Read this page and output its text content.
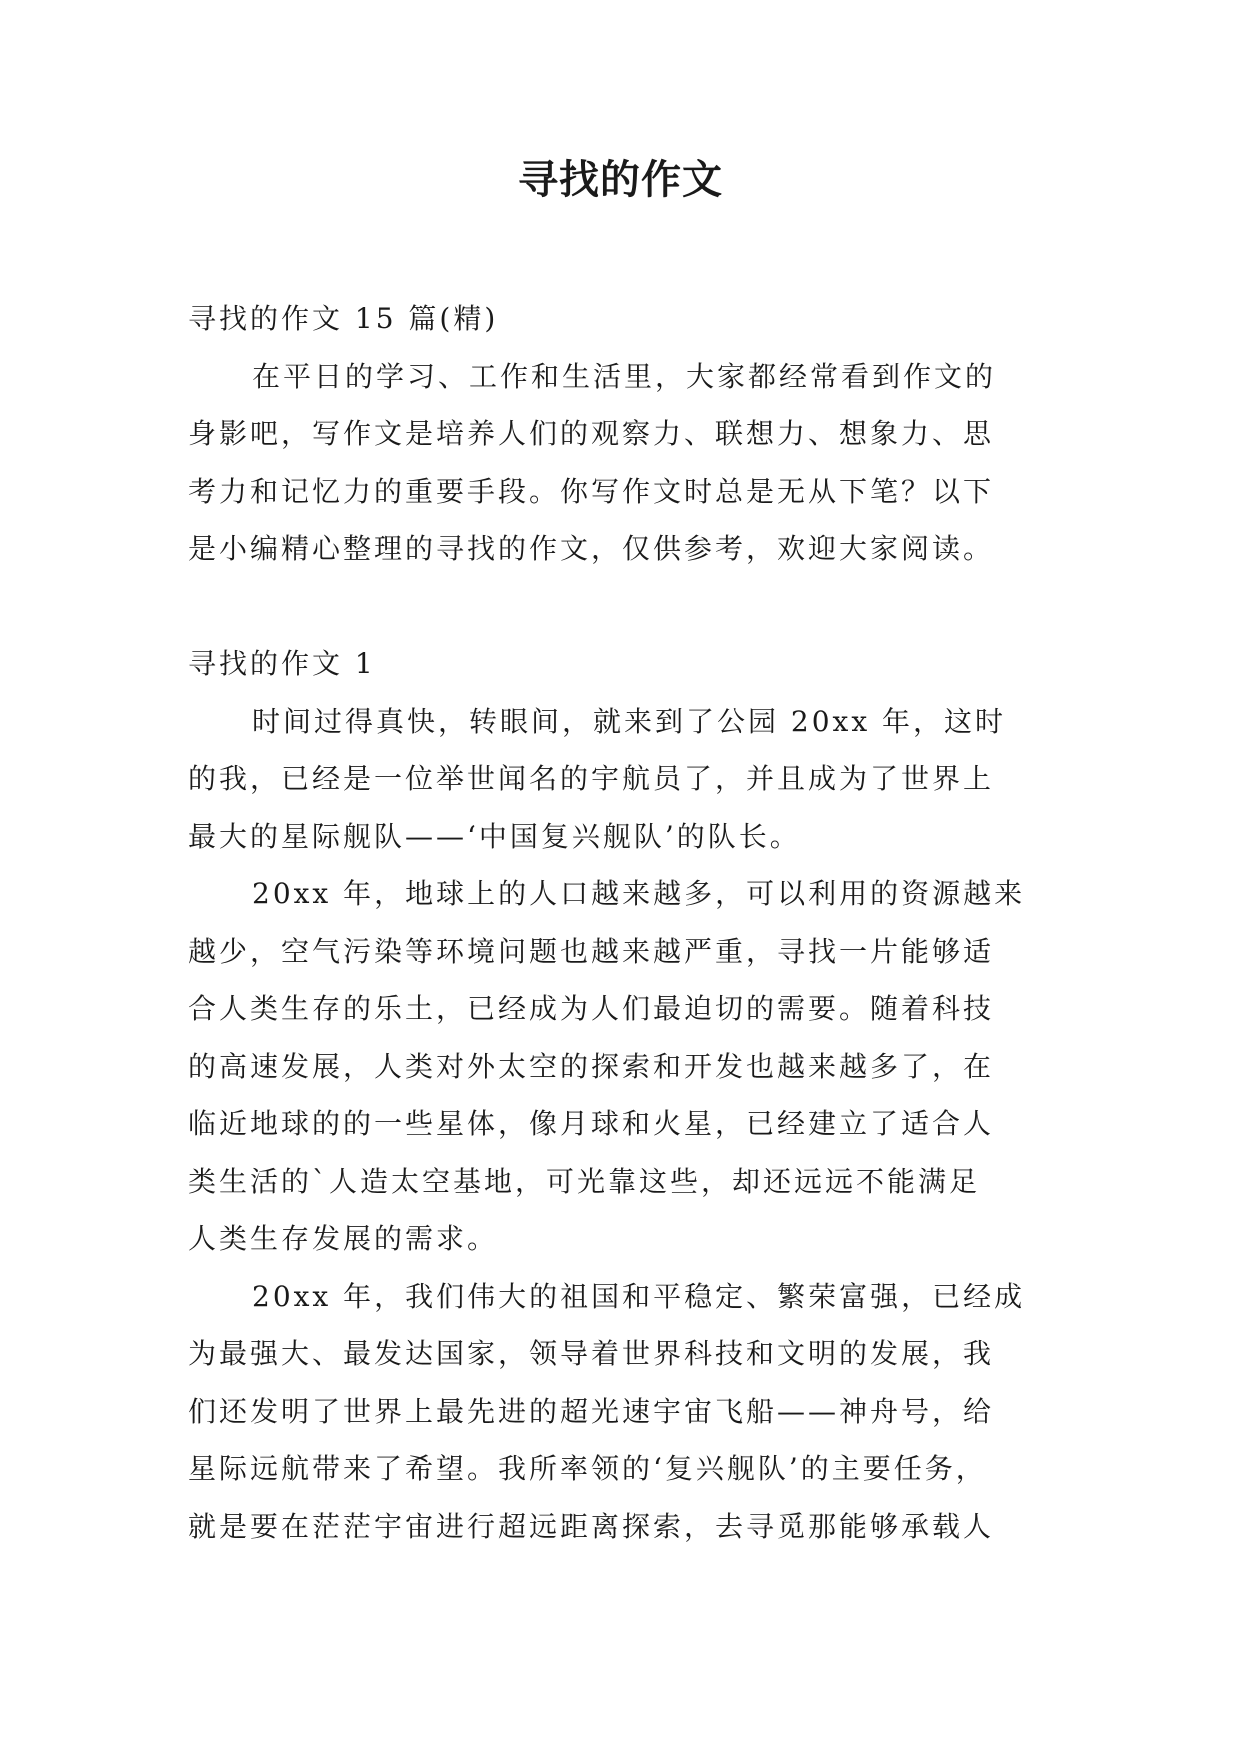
寻找的作文
寻找的作文 15 篇(精)
在平日的学习、工作和生活里，大家都经常看到作文的
身影吧，写作文是培养人们的观察力、联想力、想象力、思
考力和记忆力的重要手段。你写作文时总是无从下笔？以下
是小编精心整理的寻找的作文，仅供参考，欢迎大家阅读。
寻找的作文 1
时间过得真快，转眼间，就来到了公园 20xx 年，这时
的我，已经是一位举世闻名的宇航员了，并且成为了世界上
最大的星际舰队——‘中国复兴舰队’的队长。
20xx 年，地球上的人口越来越多，可以利用的资源越来
越少，空气污染等环境问题也越来越严重，寻找一片能够适
合人类生存的乐土，已经成为人们最迫切的需要。随着科技
的高速发展，人类对外太空的探索和开发也越来越多了，在
临近地球的的一些星体，像月球和火星，已经建立了适合人
类生活的`人造太空基地，可光靠这些，却还远远不能满足
人类生存发展的需求。
20xx 年，我们伟大的祖国和平稳定、繁荣富强，已经成
为最强大、最发达国家，领导着世界科技和文明的发展，我
们还发明了世界上最先进的超光速宇宙飞船——神舟号，给
星际远航带来了希望。我所率领的‘复兴舰队’的主要任务，
就是要在茫茫宇宙进行超远距离探索，去寻觅那能够承载人
